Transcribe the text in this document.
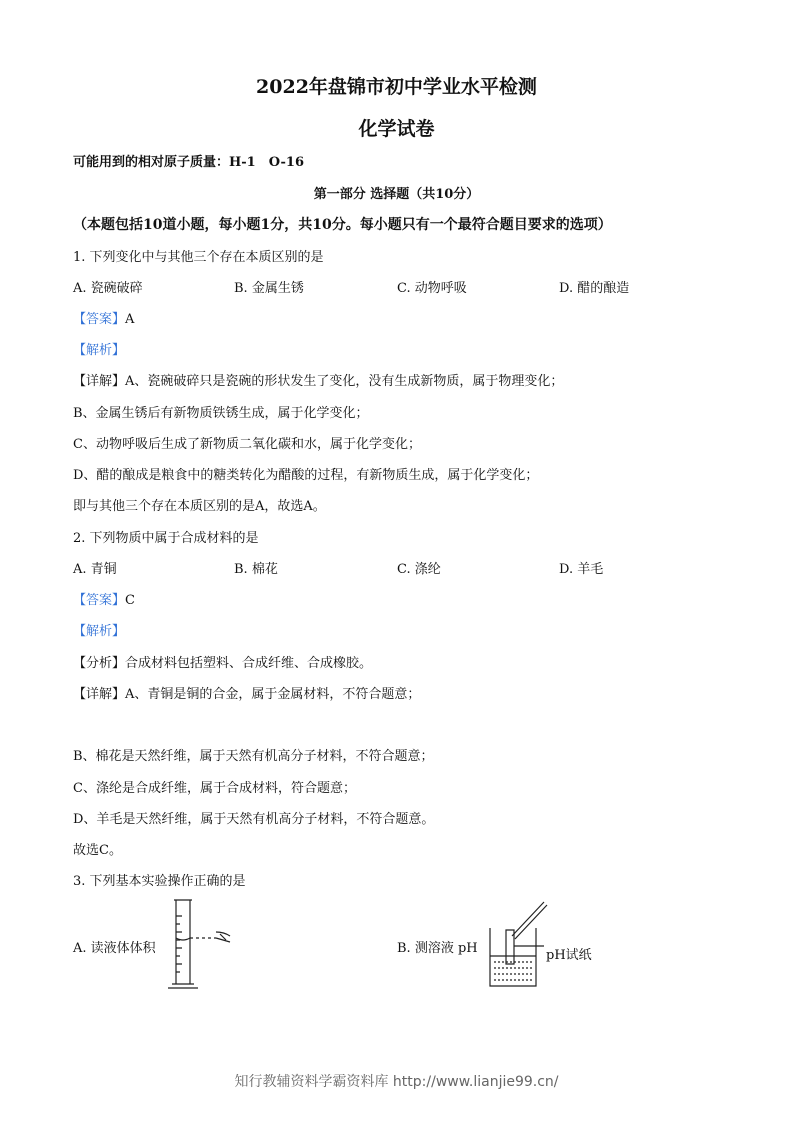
2022年盘锦市初中学业水平检测
化学试卷
可能用到的相对原子质量：H-1　O-16
第一部分 选择题（共10分）
（本题包括10道小题，每小题1分，共10分。每小题只有一个最符合题目要求的选项）
1. 下列变化中与其他三个存在本质区别的是
A. 瓷碗破碎	B. 金属生锈	C. 动物呼吸	D. 醋的酿造
【答案】A
【解析】
【详解】A、瓷碗破碎只是瓷碗的形状发生了变化，没有生成新物质，属于物理变化；
B、金属生锈后有新物质铁锈生成，属于化学变化；
C、动物呼吸后生成了新物质二氧化碳和水，属于化学变化；
D、醋的酿成是粮食中的糖类转化为醋酸的过程，有新物质生成，属于化学变化；
即与其他三个存在本质区别的是A，故选A。
2. 下列物质中属于合成材料的是
A. 青铜	B. 棉花	C. 涤纶	D. 羊毛
【答案】C
【解析】
【分析】合成材料包括塑料、合成纤维、合成橡胶。
【详解】A、青铜是铜的合金，属于金属材料，不符合题意；
B、棉花是天然纤维，属于天然有机高分子材料，不符合题意；
C、涤纶是合成纤维，属于合成材料，符合题意；
D、羊毛是天然纤维，属于天然有机高分子材料，不符合题意。
故选C。
3. 下列基本实验操作正确的是
A. 读液体体积	B. 测溶液 pH	pH试纸
知行教辅资料学霸资料库 http://www.lianjie99.cn/
